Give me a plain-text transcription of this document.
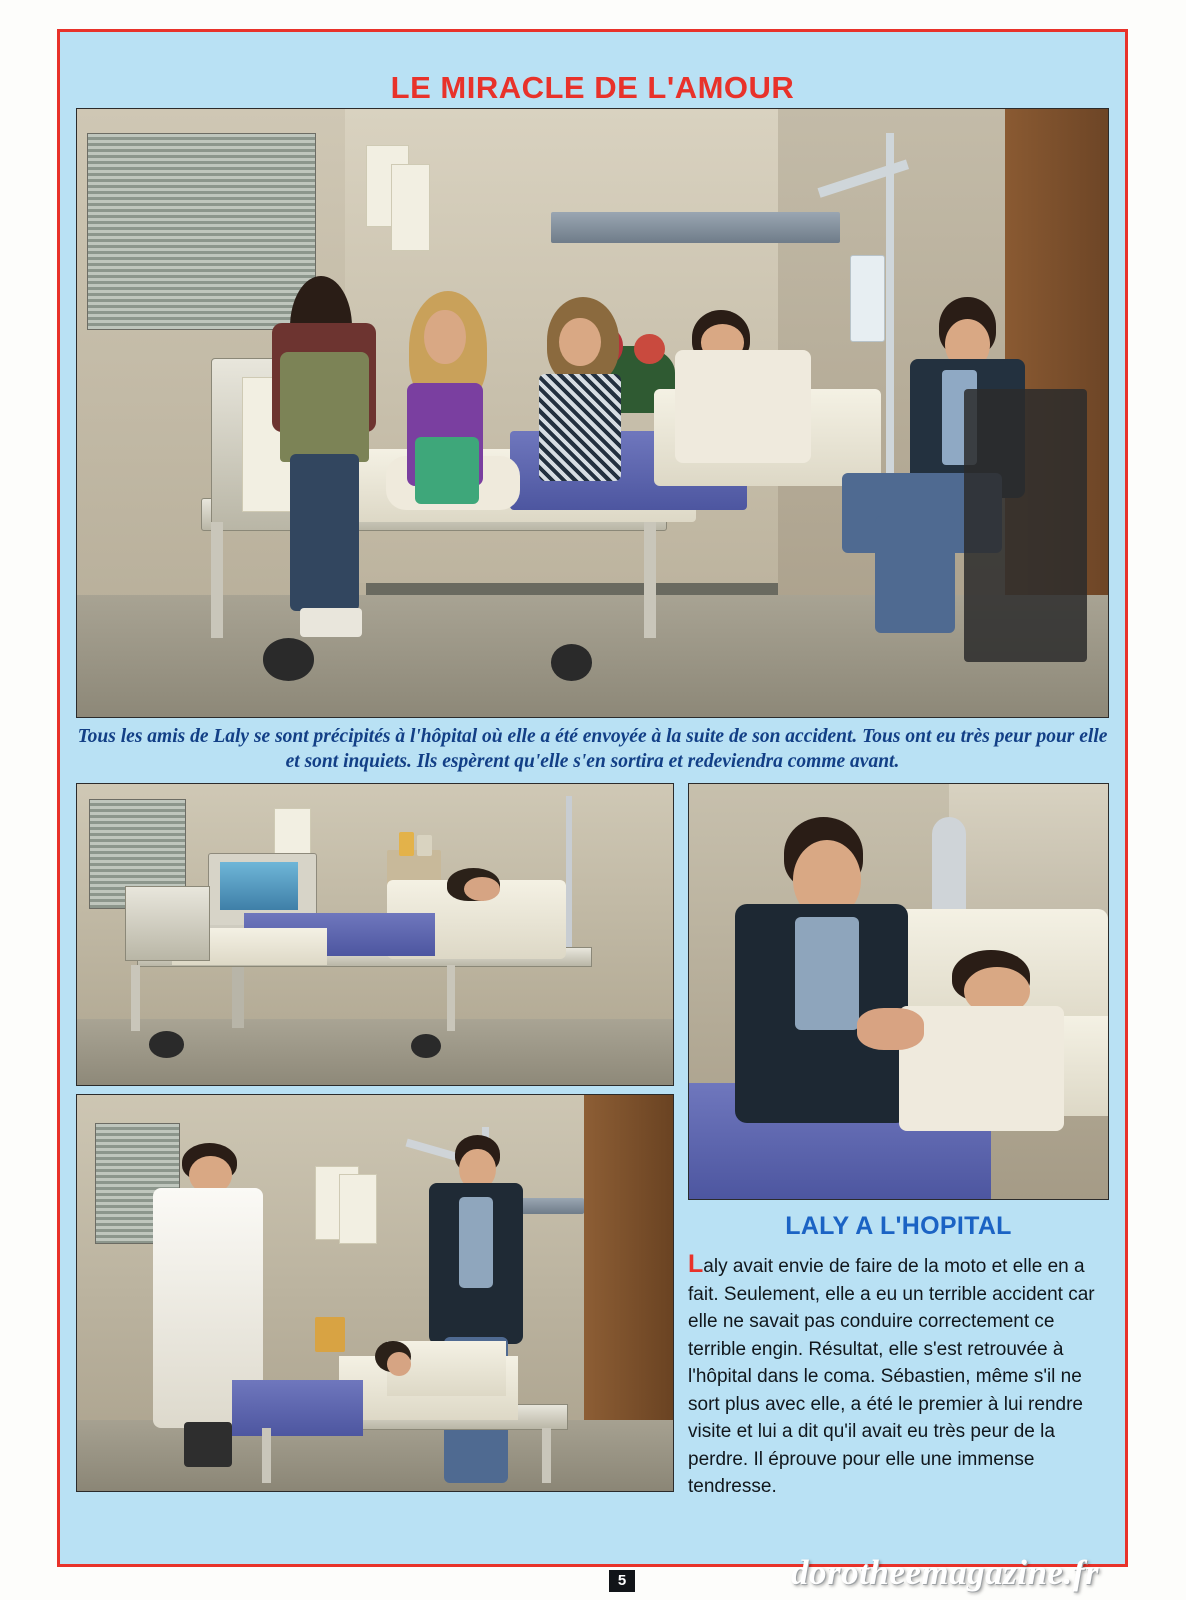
LE MIRACLE DE L'AMOUR
Tous les amis de Laly se sont précipités à l'hôpital où elle a été envoyée à la suite de son accident. Tous ont eu très peur pour elle et sont inquiets. Ils espèrent qu'elle s'en sortira et redeviendra comme avant.
LALY A L'HOPITAL
Laly avait envie de faire de la moto et elle en a fait. Seulement, elle a eu un terrible accident car elle ne savait pas conduire correctement ce terrible engin. Résultat, elle s'est retrouvée à l'hôpital dans le coma. Sébastien, même s'il ne sort plus avec elle, a été le premier à lui rendre visite et lui a dit qu'il avait eu très peur de la perdre. Il éprouve pour elle une immense tendresse.
5	dorotheemagazine.fr
